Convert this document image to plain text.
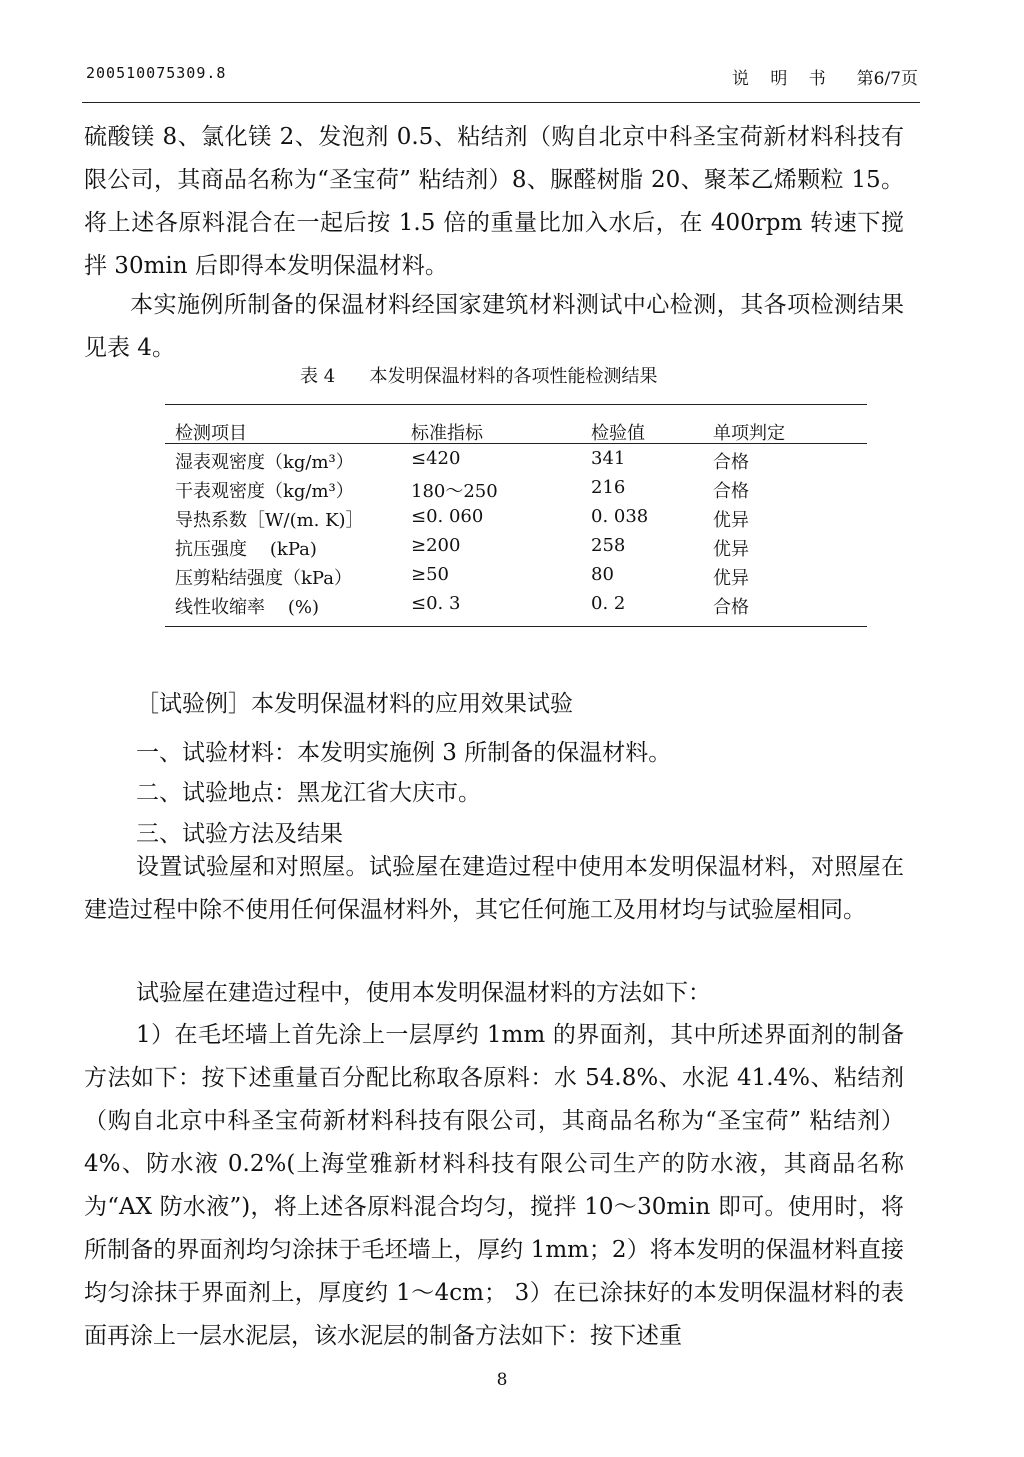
200510075309.8	说 明 书 第6/7页

硫酸镁 8、氯化镁 2、发泡剂 0.5、粘结剂（购自北京中科圣宝荷新材料科技有限公司，其商品名称为“圣宝荷” 粘结剂）8、脲醛树脂 20、聚苯乙烯颗粒 15。将上述各原料混合在一起后按 1.5 倍的重量比加入水后，在 400rpm 转速下搅拌 30min 后即得本发明保温材料。

本实施例所制备的保温材料经国家建筑材料测试中心检测，其各项检测结果见表 4。

表 4 本发明保温材料的各项性能检测结果
检测项目	标准指标	检验值	单项判定
湿表观密度（kg/m³）	≤420	341	合格
干表观密度（kg/m³）	180～250	216	合格
导热系数［W/(m. K)］	≤0. 060	0. 038	优异
抗压强度    (kPa)	≥200	258	优异
压剪粘结强度（kPa）	≥50	80	优异
线性收缩率    (%)	≤0. 3	0. 2	合格

［试验例］本发明保温材料的应用效果试验

一、试验材料：本发明实施例 3 所制备的保温材料。

二、试验地点：黑龙江省大庆市。

三、试验方法及结果

设置试验屋和对照屋。试验屋在建造过程中使用本发明保温材料，对照屋在建造过程中除不使用任何保温材料外，其它任何施工及用材均与试验屋相同。

试验屋在建造过程中，使用本发明保温材料的方法如下：

1）在毛坯墙上首先涂上一层厚约 1mm 的界面剂，其中所述界面剂的制备方法如下：按下述重量百分配比称取各原料：水 54.8%、水泥 41.4%、粘结剂（购自北京中科圣宝荷新材料科技有限公司，其商品名称为“圣宝荷” 粘结剂）4%、防水液 0.2%(上海堂雅新材料科技有限公司生产的防水液，其商品名称为“AX 防水液”)，将上述各原料混合均匀，搅拌 10～30min 即可。使用时，将所制备的界面剂均匀涂抹于毛坯墙上，厚约 1mm；2）将本发明的保温材料直接均匀涂抹于界面剂上，厚度约 1～4cm； 3）在已涂抹好的本发明保温材料的表面再涂上一层水泥层，该水泥层的制备方法如下：按下述重

8
